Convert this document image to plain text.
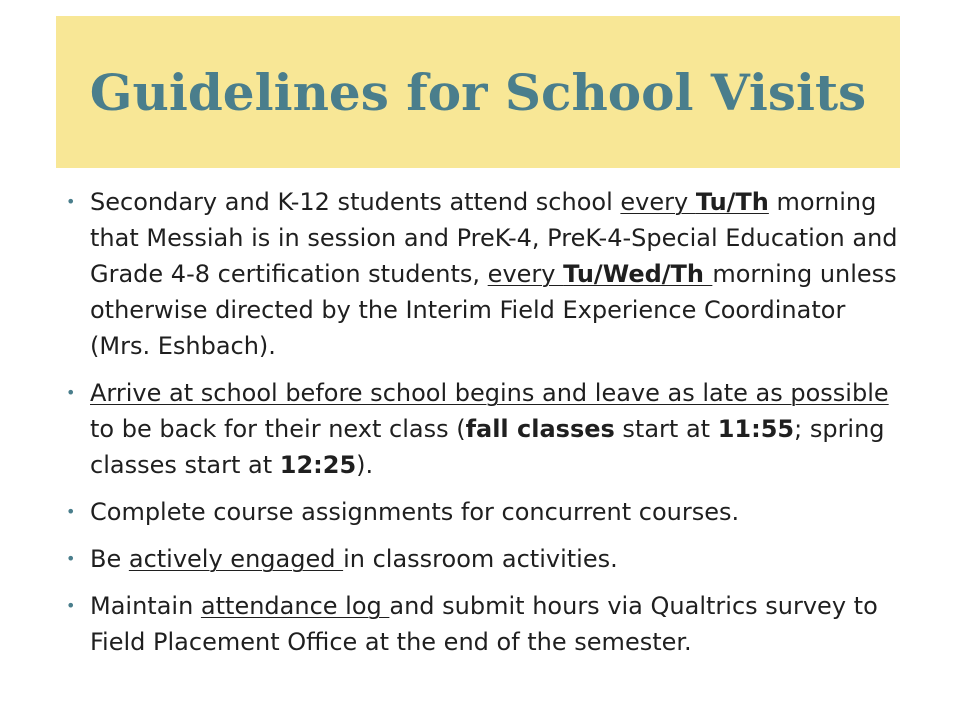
Guidelines for School Visits
• Secondary and K-12 students attend school every Tu/Th morning that Messiah is in session and PreK-4, PreK-4-Special Education and Grade 4-8 certification students, every Tu/Wed/Th morning unless otherwise directed by the Interim Field Experience Coordinator (Mrs. Eshbach).
• Arrive at school before school begins and leave as late as possible to be back for their next class (fall classes start at 11:55; spring classes start at 12:25).
• Complete course assignments for concurrent courses.
• Be actively engaged in classroom activities.
• Maintain attendance log and submit hours via Qualtrics survey to Field Placement Office at the end of the semester.
